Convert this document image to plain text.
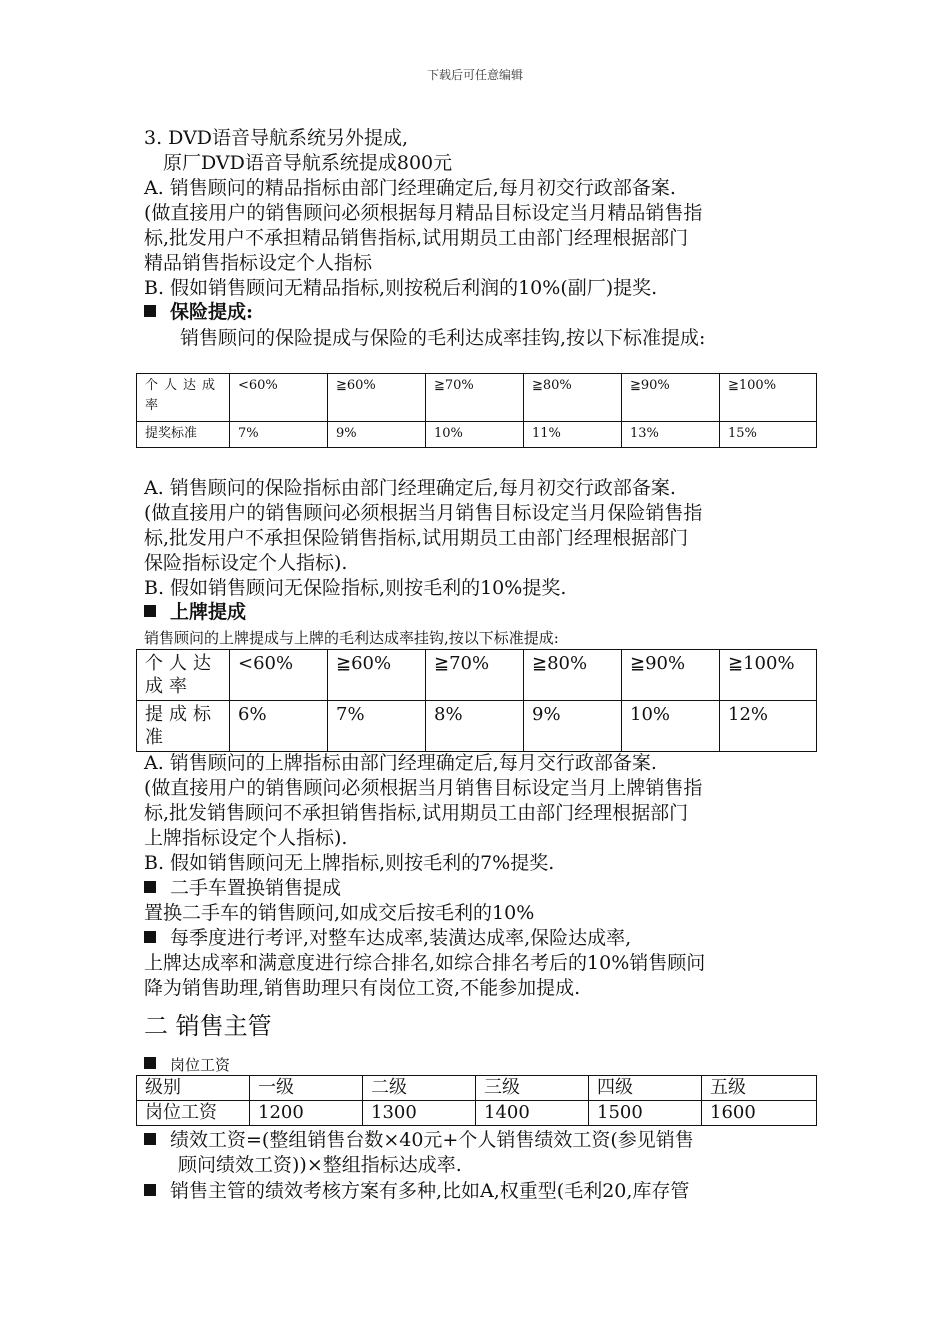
下载后可任意编辑
3. DVD语音导航系统另外提成,
原厂DVD语音导航系统提成800元
A. 销售顾问的精品指标由部门经理确定后,每月初交行政部备案.
(做直接用户的销售顾问必须根据每月精品目标设定当月精品销售指
标,批发用户不承担精品销售指标,试用期员工由部门经理根据部门
精品销售指标设定个人指标
B. 假如销售顾问无精品指标,则按税后利润的10%(副厂)提奖.
保险提成:
销售顾问的保险提成与保险的毛利达成率挂钩,按以下标准提成:
个人达成率	<60%	≧60%	≧70%	≧80%	≧90%	≧100%
提奖标准	7%	9%	10%	11%	13%	15%
A. 销售顾问的保险指标由部门经理确定后,每月初交行政部备案.
(做直接用户的销售顾问必须根据当月销售目标设定当月保险销售指
标,批发用户不承担保险销售指标,试用期员工由部门经理根据部门
保险指标设定个人指标).
B. 假如销售顾问无保险指标,则按毛利的10%提奖.
上牌提成
销售顾问的上牌提成与上牌的毛利达成率挂钩,按以下标准提成:
个人达成率	<60%	≧60%	≧70%	≧80%	≧90%	≧100%
提成标准	6%	7%	8%	9%	10%	12%
A. 销售顾问的上牌指标由部门经理确定后,每月交行政部备案.
(做直接用户的销售顾问必须根据当月销售目标设定当月上牌销售指
标,批发销售顾问不承担销售指标,试用期员工由部门经理根据部门
上牌指标设定个人指标).
B. 假如销售顾问无上牌指标,则按毛利的7%提奖.
二手车置换销售提成
置换二手车的销售顾问,如成交后按毛利的10%
每季度进行考评,对整车达成率,装潢达成率,保险达成率,
上牌达成率和满意度进行综合排名,如综合排名考后的10%销售顾问
降为销售助理,销售助理只有岗位工资,不能参加提成.
二 销售主管
岗位工资
级别	一级	二级	三级	四级	五级
岗位工资	1200	1300	1400	1500	1600
绩效工资=(整组销售台数×40元+个人销售绩效工资(参见销售
顾问绩效工资))×整组指标达成率.
销售主管的绩效考核方案有多种,比如A,权重型(毛利20,库存管
